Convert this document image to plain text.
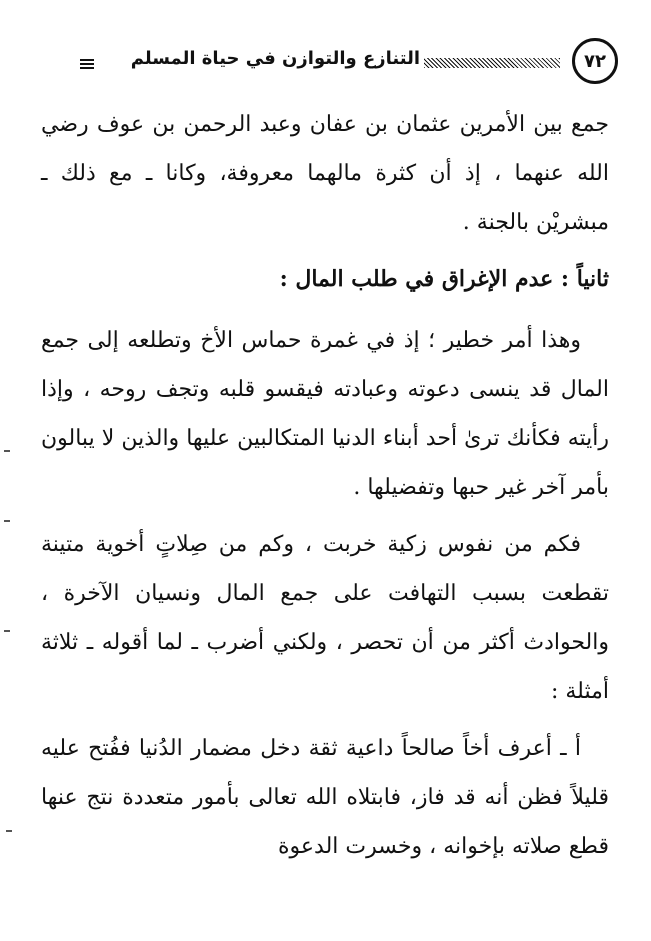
٧٢
التنازع والتوازن في حياة المسلم

جمع بين الأمرين عثمان بن عفان وعبد الرحمن بن عوف رضي الله عنهما ، إذ أن كثرة مالهما معروفة، وكانا ـ مع ذلك ـ مبشريْن بالجنة .

ثانياً : عدم الإغراق في طلب المال :

وهذا أمر خطير ؛ إذ في غمرة حماس الأخ وتطلعه إلى جمع المال قد ينسى دعوته وعبادته فيقسو قلبه وتجف روحه ، وإذا رأيته فكأنك ترىٰ أحد أبناء الدنيا المتكالبين عليها والذين لا يبالون بأمر آخر غير حبها وتفضيلها .

فكم من نفوس زكية خربت ، وكم من صِلاتٍ أخوية متينة تقطعت بسبب التهافت على جمع المال ونسيان الآخرة ، والحوادث أكثر من أن تحصر ، ولكني أضرب ـ لما أقوله ـ ثلاثة أمثلة :

أ ـ أعرف أخاً صالحاً داعية ثقة دخل مضمار الدُنيا ففُتح عليه قليلاً فظن أنه قد فاز، فابتلاه الله تعالى بأمور متعددة نتج عنها قطع صلاته بإخوانه ، وخسرت الدعوة
